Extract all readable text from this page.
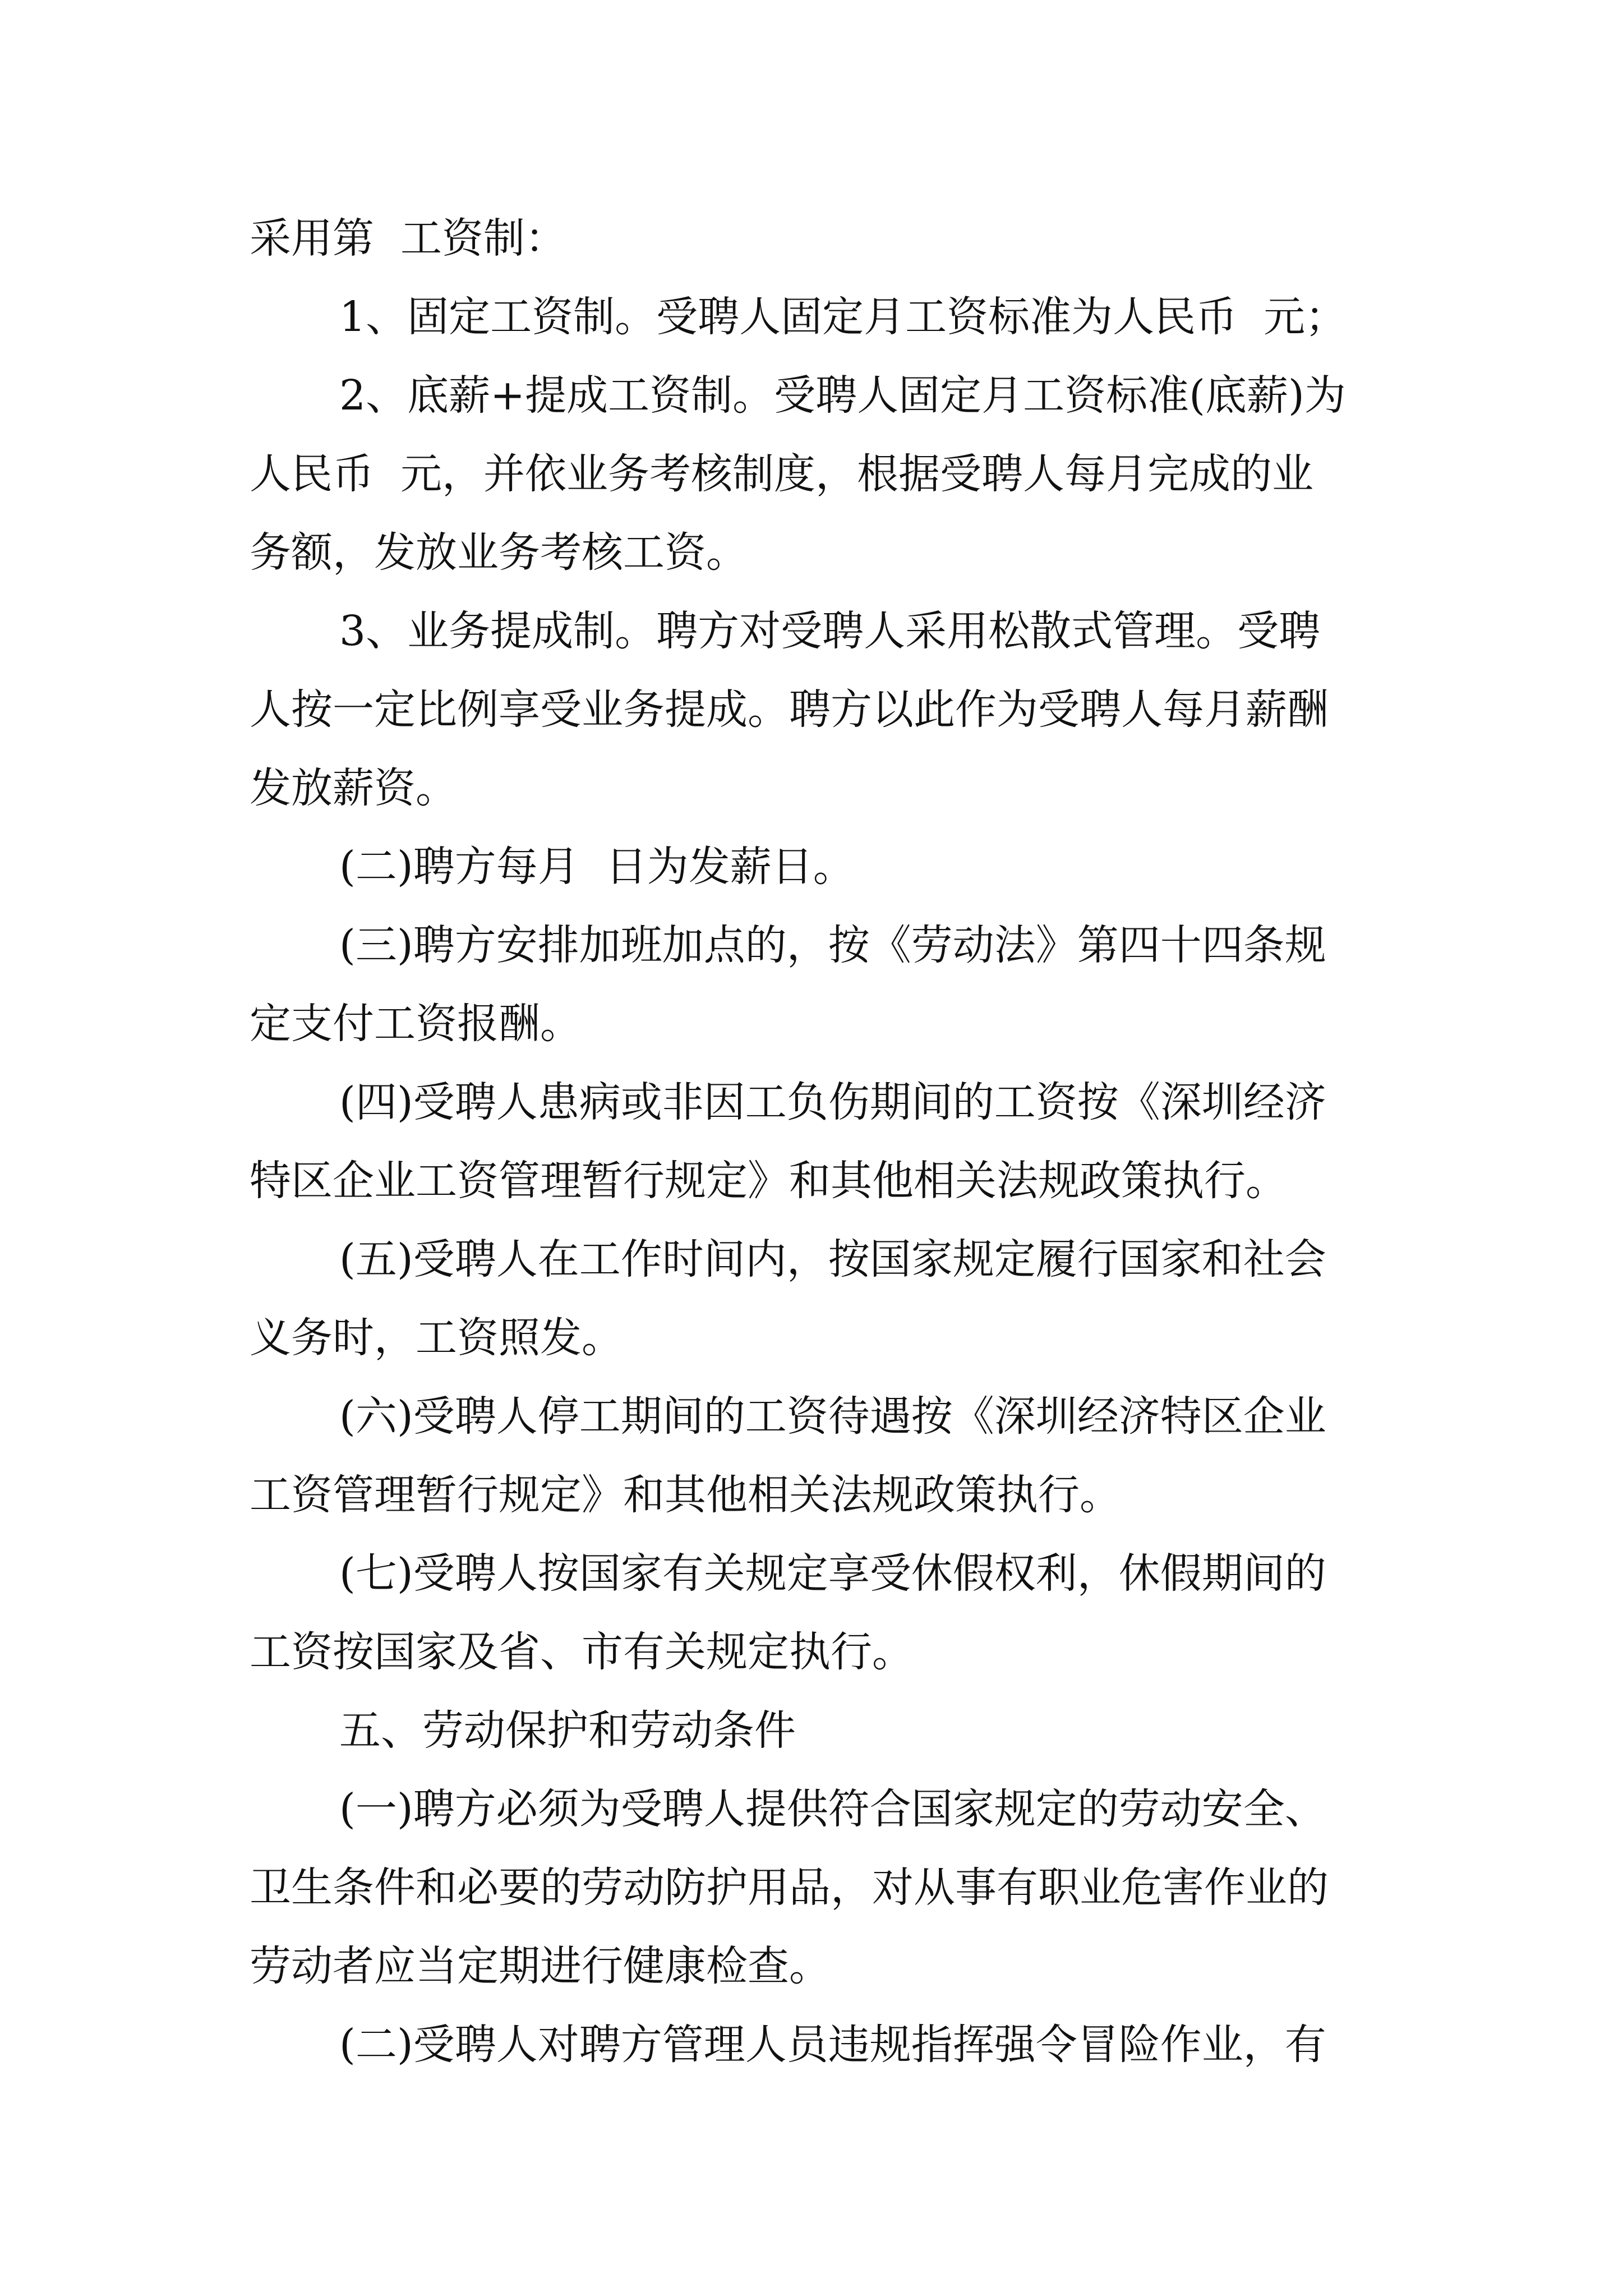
采用第  工资制：
1、固定工资制。受聘人固定月工资标准为人民币  元；
2、底薪+提成工资制。受聘人固定月工资标准(底薪)为
人民币  元，并依业务考核制度，根据受聘人每月完成的业
务额，发放业务考核工资。
3、业务提成制。聘方对受聘人采用松散式管理。受聘
人按一定比例享受业务提成。聘方以此作为受聘人每月薪酬
发放薪资。
(二)聘方每月  日为发薪日。
(三)聘方安排加班加点的，按《劳动法》第四十四条规
定支付工资报酬。
(四)受聘人患病或非因工负伤期间的工资按《深圳经济
特区企业工资管理暂行规定》和其他相关法规政策执行。
(五)受聘人在工作时间内，按国家规定履行国家和社会
义务时，工资照发。
(六)受聘人停工期间的工资待遇按《深圳经济特区企业
工资管理暂行规定》和其他相关法规政策执行。
(七)受聘人按国家有关规定享受休假权利，休假期间的
工资按国家及省、市有关规定执行。
五、劳动保护和劳动条件
(一)聘方必须为受聘人提供符合国家规定的劳动安全、
卫生条件和必要的劳动防护用品，对从事有职业危害作业的
劳动者应当定期进行健康检查。
(二)受聘人对聘方管理人员违规指挥强令冒险作业，有
